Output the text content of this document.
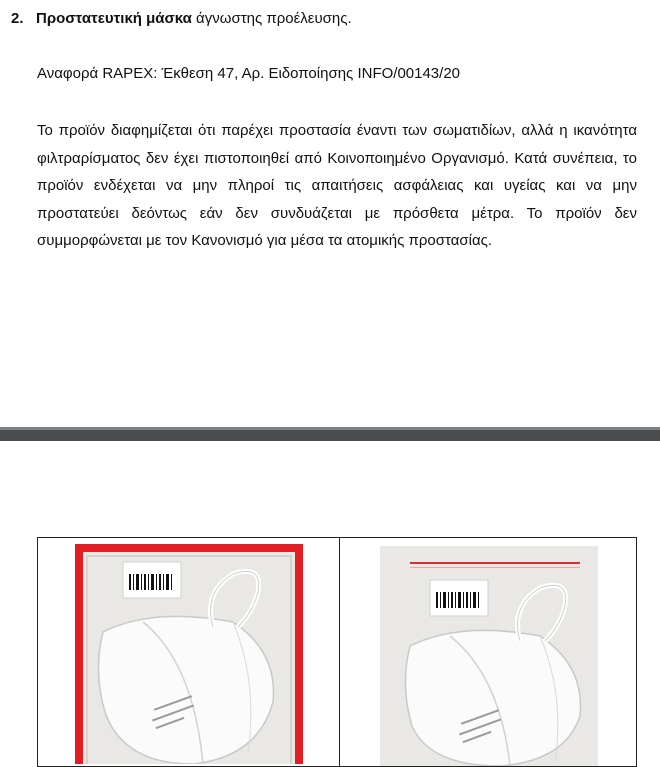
2. Προστατευτική μάσκα άγνωστης προέλευσης.
Αναφορά RAPEX: Έκθεση 47, Αρ. Ειδοποίησης INFO/00143/20

Το προϊόν διαφημίζεται ότι παρέχει προστασία έναντι των σωματιδίων, αλλά η ικανότητα φιλτραρίσματος δεν έχει πιστοποιηθεί από Κοινοποιημένο Οργανισμό. Κατά συνέπεια, το προϊόν ενδέχεται να μην πληροί τις απαιτήσεις ασφάλειας και υγείας και να μην προστατεύει δεόντως εάν δεν συνδυάζεται με πρόσθετα μέτρα. Το προϊόν δεν συμμορφώνεται με τον Κανονισμό για μέσα τα ατομικής προστασίας.
